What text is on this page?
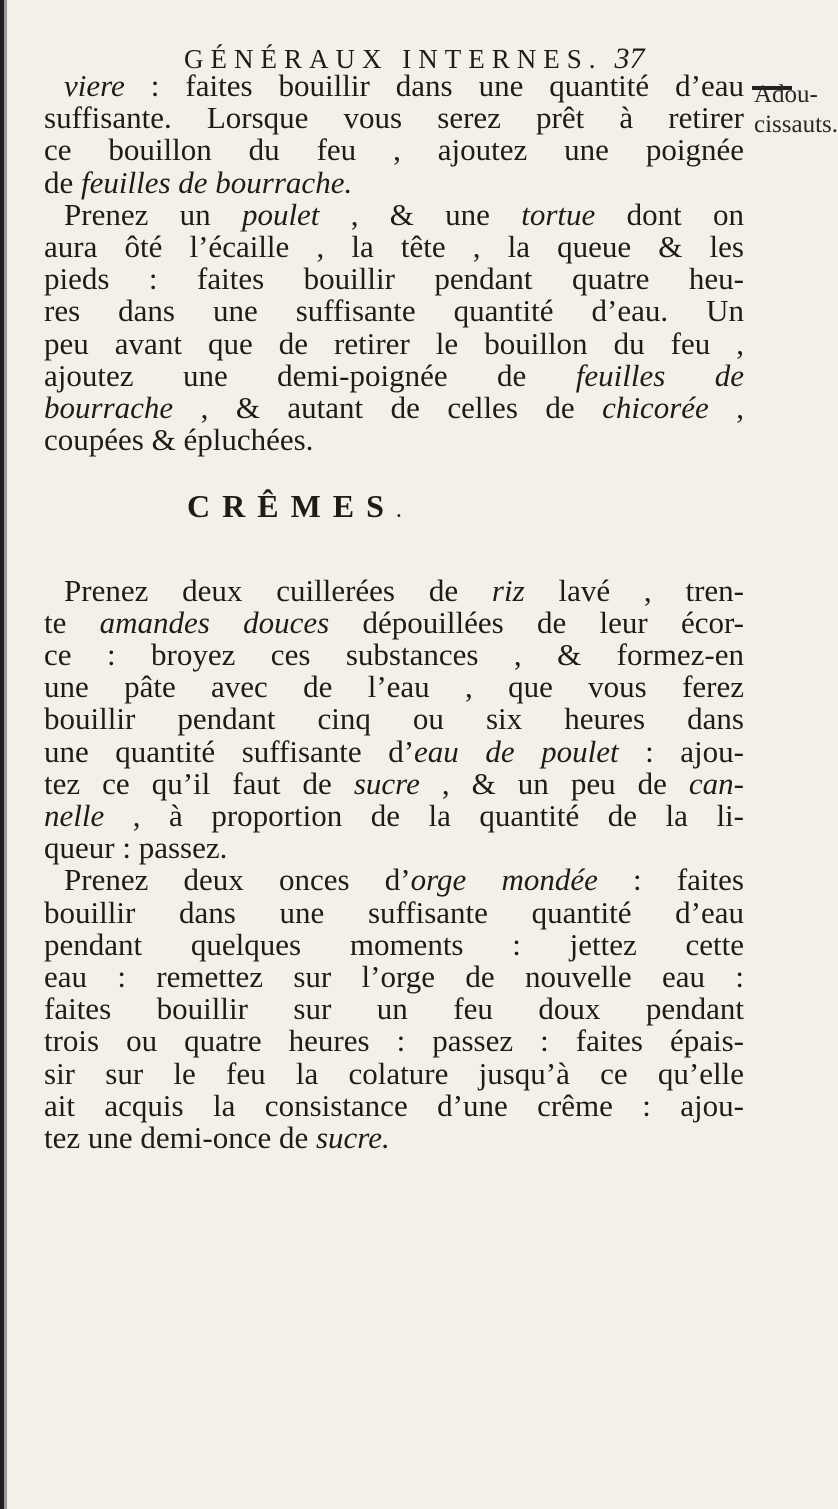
GÉNÉRAUX INTERNES. 37
viere : faites bouillir dans une quantité d’eau
suffisante. Lorsque vous serez prêt à retirer
ce bouillon du feu , ajoutez une poignée
de feuilles de bourrache.
Prenez un poulet , & une tortue dont on
aura ôté l’écaille , la tête , la queue & les
pieds : faites bouillir pendant quatre heu-
res dans une suffisante quantité d’eau. Un
peu avant que de retirer le bouillon du feu ,
ajoutez une demi-poignée de feuilles de
bourrache , & autant de celles de chicorée ,
coupées & épluchées.
CRÊMES.
Prenez deux cuillerées de riz lavé , tren-
te amandes douces dépouillées de leur écor-
ce : broyez ces substances , & formez-en
une pâte avec de l’eau , que vous ferez
bouillir pendant cinq ou six heures dans
une quantité suffisante d’eau de poulet : ajou-
tez ce qu’il faut de sucre , & un peu de can-
nelle , à proportion de la quantité de la li-
queur : passez.
Prenez deux onces d’orge mondée : faites
bouillir dans une suffisante quantité d’eau
pendant quelques moments : jettez cette
eau : remettez sur l’orge de nouvelle eau :
faites bouillir sur un feu doux pendant
trois ou quatre heures : passez : faites épais-
sir sur le feu la colature jusqu’à ce qu’elle
ait acquis la consistance d’une crême : ajou-
tez une demi-once de sucre.
Adou-
cissauts.
